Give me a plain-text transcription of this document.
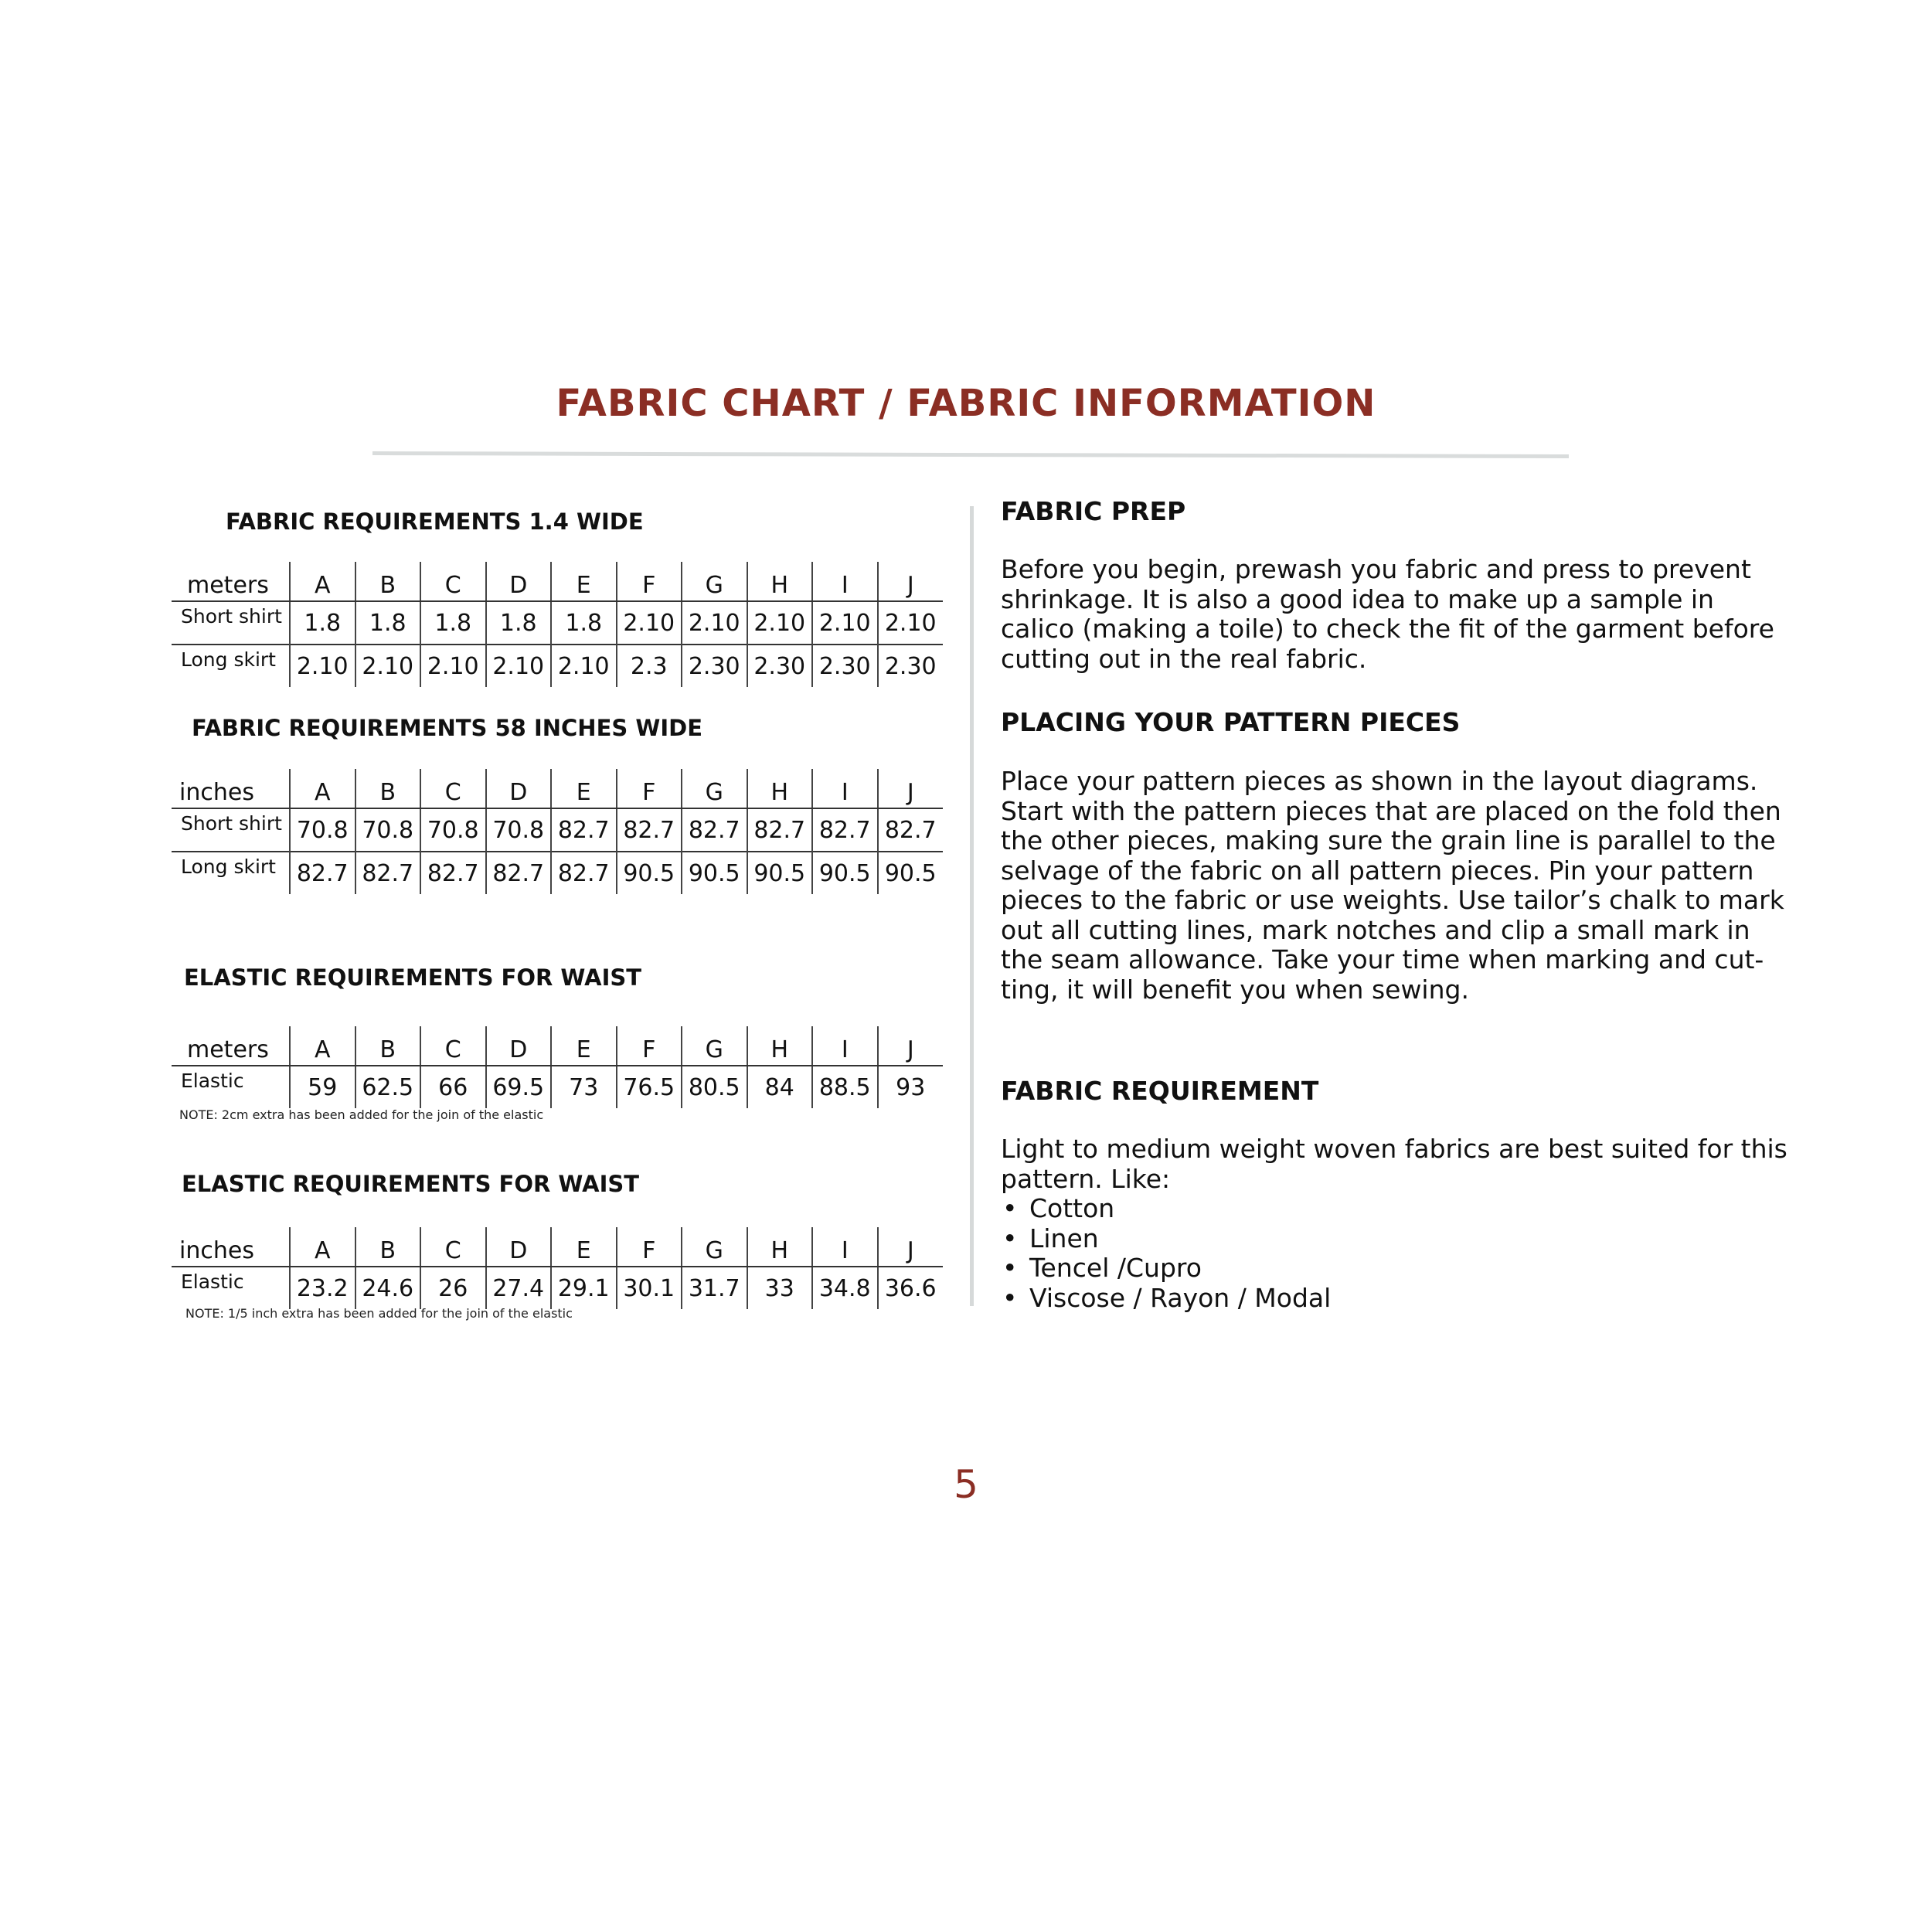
FABRIC CHART / FABRIC INFORMATION
FABRIC REQUIREMENTS 1.4 WIDE
meters	A	B	C	D	E	F	G	H	I	J
Short shirt	1.8	1.8	1.8	1.8	1.8	2.10	2.10	2.10	2.10	2.10
Long skirt	2.10	2.10	2.10	2.10	2.10	2.3	2.30	2.30	2.30	2.30
FABRIC REQUIREMENTS 58 INCHES WIDE
inches	A	B	C	D	E	F	G	H	I	J
Short shirt	70.8	70.8	70.8	70.8	82.7	82.7	82.7	82.7	82.7	82.7
Long skirt	82.7	82.7	82.7	82.7	82.7	90.5	90.5	90.5	90.5	90.5
ELASTIC REQUIREMENTS FOR WAIST
meters	A	B	C	D	E	F	G	H	I	J
Elastic	59	62.5	66	69.5	73	76.5	80.5	84	88.5	93
NOTE: 2cm extra has been added for the join of the elastic
ELASTIC REQUIREMENTS FOR WAIST
inches	A	B	C	D	E	F	G	H	I	J
Elastic	23.2	24.6	26	27.4	29.1	30.1	31.7	33	34.8	36.6
NOTE: 1/5 inch extra has been added for the join of the elastic
FABRIC PREP
Before you begin, prewash you fabric and press to prevent
shrinkage. It is also a good idea to make up a sample in
calico (making a toile) to check the fit of the garment before
cutting out in the real fabric.
PLACING YOUR PATTERN PIECES
Place your pattern pieces as shown in the layout diagrams.
Start with the pattern pieces that are placed on the fold then
the other pieces, making sure the grain line is parallel to the
selvage of the fabric on all pattern pieces. Pin your pattern
pieces to the fabric or use weights. Use tailor’s chalk to mark
out all cutting lines, mark notches and clip a small mark in
the seam allowance. Take your time when marking and cut-
ting, it will benefit you when sewing.
FABRIC REQUIREMENT
Light to medium weight woven fabrics are best suited for this
pattern. Like:
• Cotton
• Linen
• Tencel /Cupro
• Viscose / Rayon / Modal
5
